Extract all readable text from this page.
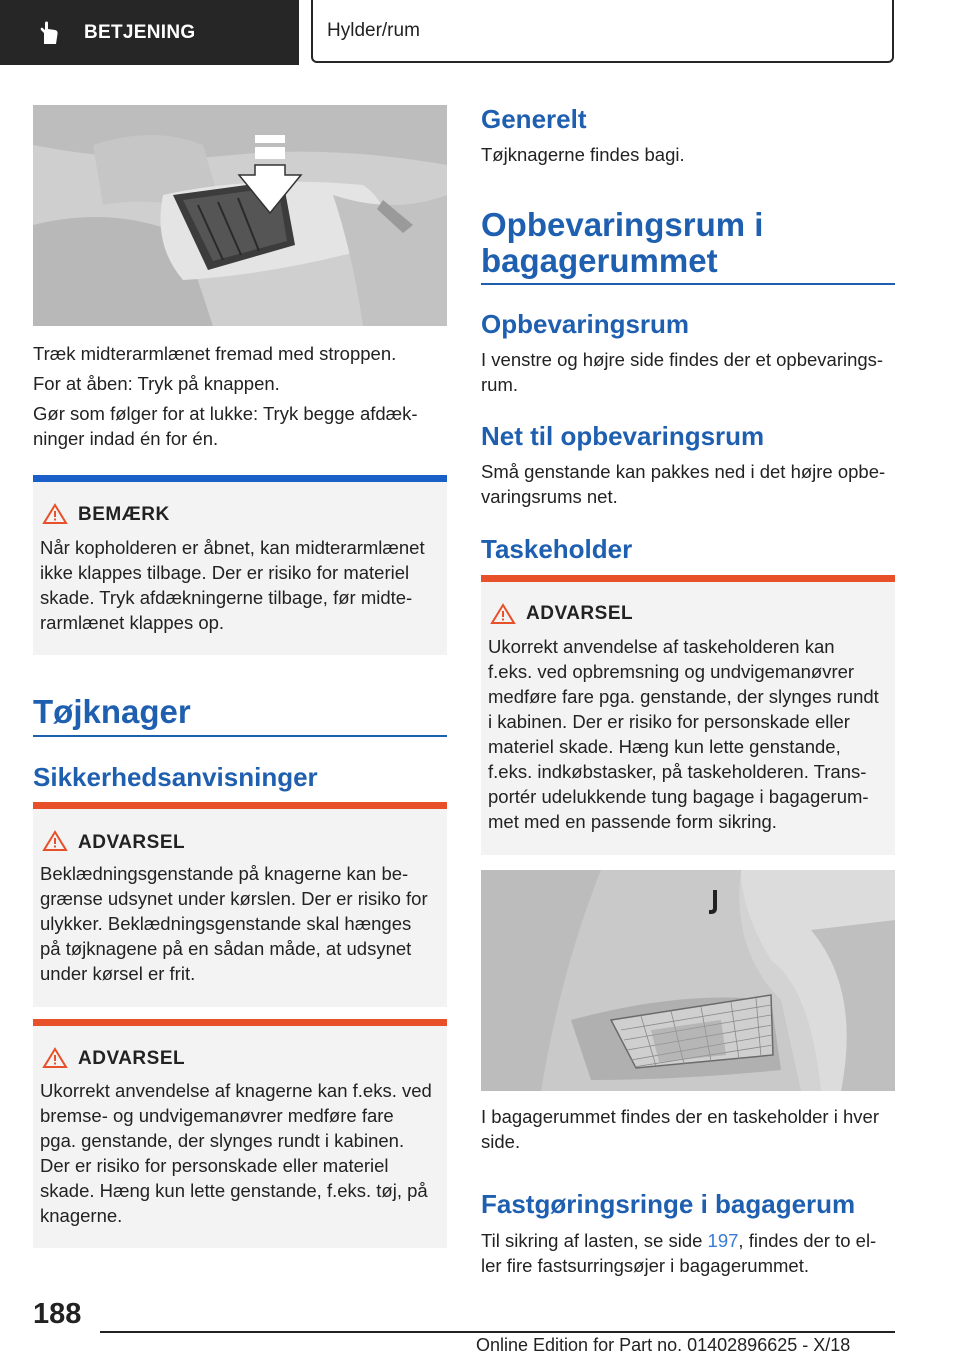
BETJENING	Hylder/rum

Træk midterarmlænet fremad med stroppen.

For at åben: Tryk på knappen.

Gør som følger for at lukke: Tryk begge afdæk-

ninger indad én for én.

BEMÆRK
Når kopholderen er åbnet, kan midterarmlænet
ikke klappes tilbage. Der er risiko for materiel
skade. Tryk afdækningerne tilbage, før midte-
rarmlænet klappes op.
Tøjknager
Sikkerhedsanvisninger
ADVARSEL
Beklædningsgenstande på knagerne kan be-
grænse udsynet under kørslen. Der er risiko for
ulykker. Beklædningsgenstande skal hænges
på tøjknagene på en sådan måde, at udsynet
under kørsel er frit.
ADVARSEL
Ukorrekt anvendelse af knagerne kan f.eks. ved
bremse- og undvigemanøvrer medføre fare
pga. genstande, der slynges rundt i kabinen.
Der er risiko for personskade eller materiel
skade. Hæng kun lette genstande, f.eks. tøj, på
knagerne.
Generelt

Tøjknagerne findes bagi.

Opbevaringsrum i
bagagerummet
Opbevaringsrum

I venstre og højre side findes der et opbevarings-

rum.

Net til opbevaringsrum

Små genstande kan pakkes ned i det højre opbe-

varingsrums net.

Taskeholder
ADVARSEL
Ukorrekt anvendelse af taskeholderen kan
f.eks. ved opbremsning og undvigemanøvrer
medføre fare pga. genstande, der slynges rundt
i kabinen. Der er risiko for personskade eller
materiel skade. Hæng kun lette genstande,
f.eks. indkøbstasker, på taskeholderen. Trans-
portér udelukkende tung bagage i bagagerum-
met med en passende form sikring.

I bagagerummet findes der en taskeholder i hver

side.

Fastgøringsringe i bagagerum

Til sikring af lasten, se side 197, findes der to el-

ler fire fastsurringsøjer i bagagerummet.

188
Online Edition for Part no. 01402896625 - X/18
